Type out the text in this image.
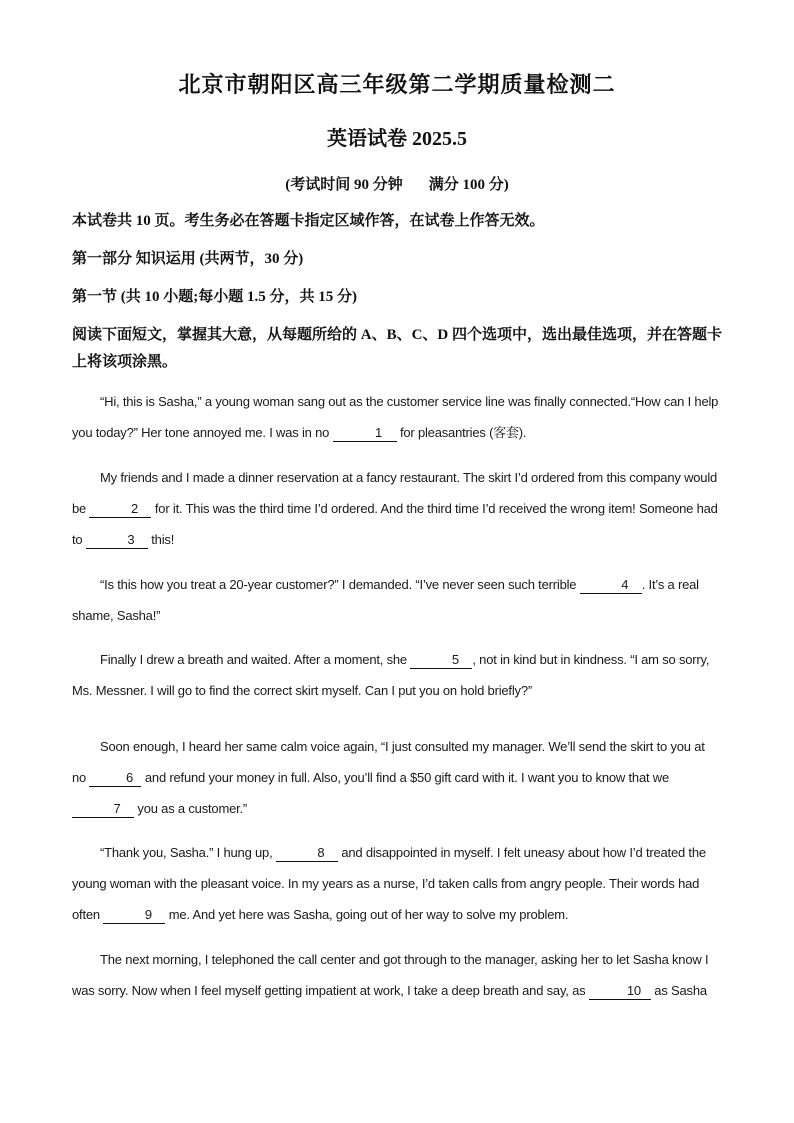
北京市朝阳区高三年级第二学期质量检测二
英语试卷 2025.5
(考试时间 90 分钟 满分 100 分)
本试卷共 10 页。考生务必在答题卡指定区域作答，在试卷上作答无效。
第一部分 知识运用 (共两节，30 分)
第一节 (共 10 小题;每小题 1.5 分，共 15 分)
阅读下面短文，掌握其大意，从每题所给的 A、B、C、D 四个选项中，选出最佳选项，并在答题卡上将该项涂黑。
“Hi, this is Sasha,” a young woman sang out as the customer service line was finally connected.“How can I help you today?” Her tone annoyed me. I was in no	1 for pleasantries (客套).
My friends and I made a dinner reservation at a fancy restaurant. The skirt I’d ordered from this company would be	2 for it. This was the third time I’d ordered. And the third time I’d received the wrong item! Someone had to	3 this!
“Is this how you treat a 20-year customer?” I demanded. “I’ve never seen such terrible	4 . It’s a real shame, Sasha!”
Finally I drew a breath and waited. After a moment, she	5 , not in kind but in kindness. “I am so sorry, Ms. Messner. I will go to find the correct skirt myself. Can I put you on hold briefly?”
Soon enough, I heard her same calm voice again, “I just consulted my manager. We’ll send the skirt to you at no	6 and refund your money in full. Also, you’ll find a $50 gift card with it. I want you to know that we 7 you as a customer.”
“Thank you, Sasha.” I hung up,	8 and disappointed in myself. I felt uneasy about how I’d treated the young woman with the pleasant voice. In my years as a nurse, I’d taken calls from angry people. Their words had often	9 me. And yet here was Sasha, going out of her way to solve my problem.
The next morning, I telephoned the call center and got through to the manager, asking her to let Sasha know I was sorry. Now when I feel myself getting impatient at work, I take a deep breath and say, as	10 as Sasha
